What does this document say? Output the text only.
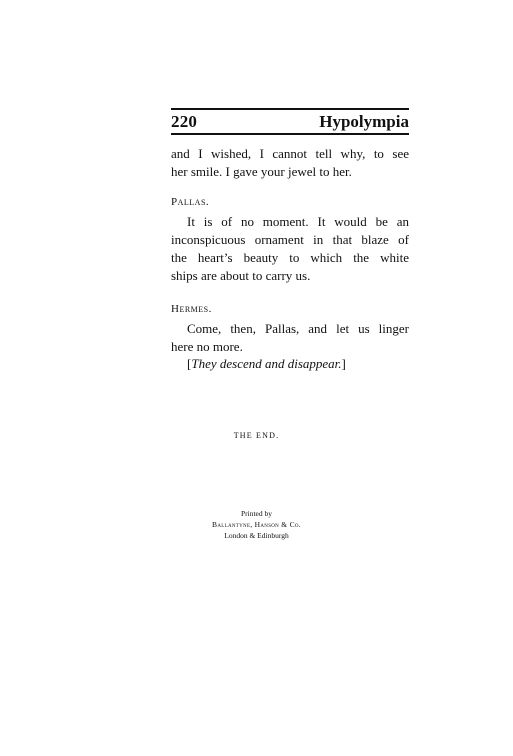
220	Hypolympia
and I wished, I cannot tell why, to see
her smile. I gave your jewel to her.
Pallas.
It is of no moment. It would be an
inconspicuous ornament in that blaze of
the heart’s beauty to which the white
ships are about to carry us.
Hermes.
Come, then, Pallas, and let us linger
here no more.
[They descend and disappear.]
THE END.
Printed by
Ballantyne, Hanson & Co.
London & Edinburgh
